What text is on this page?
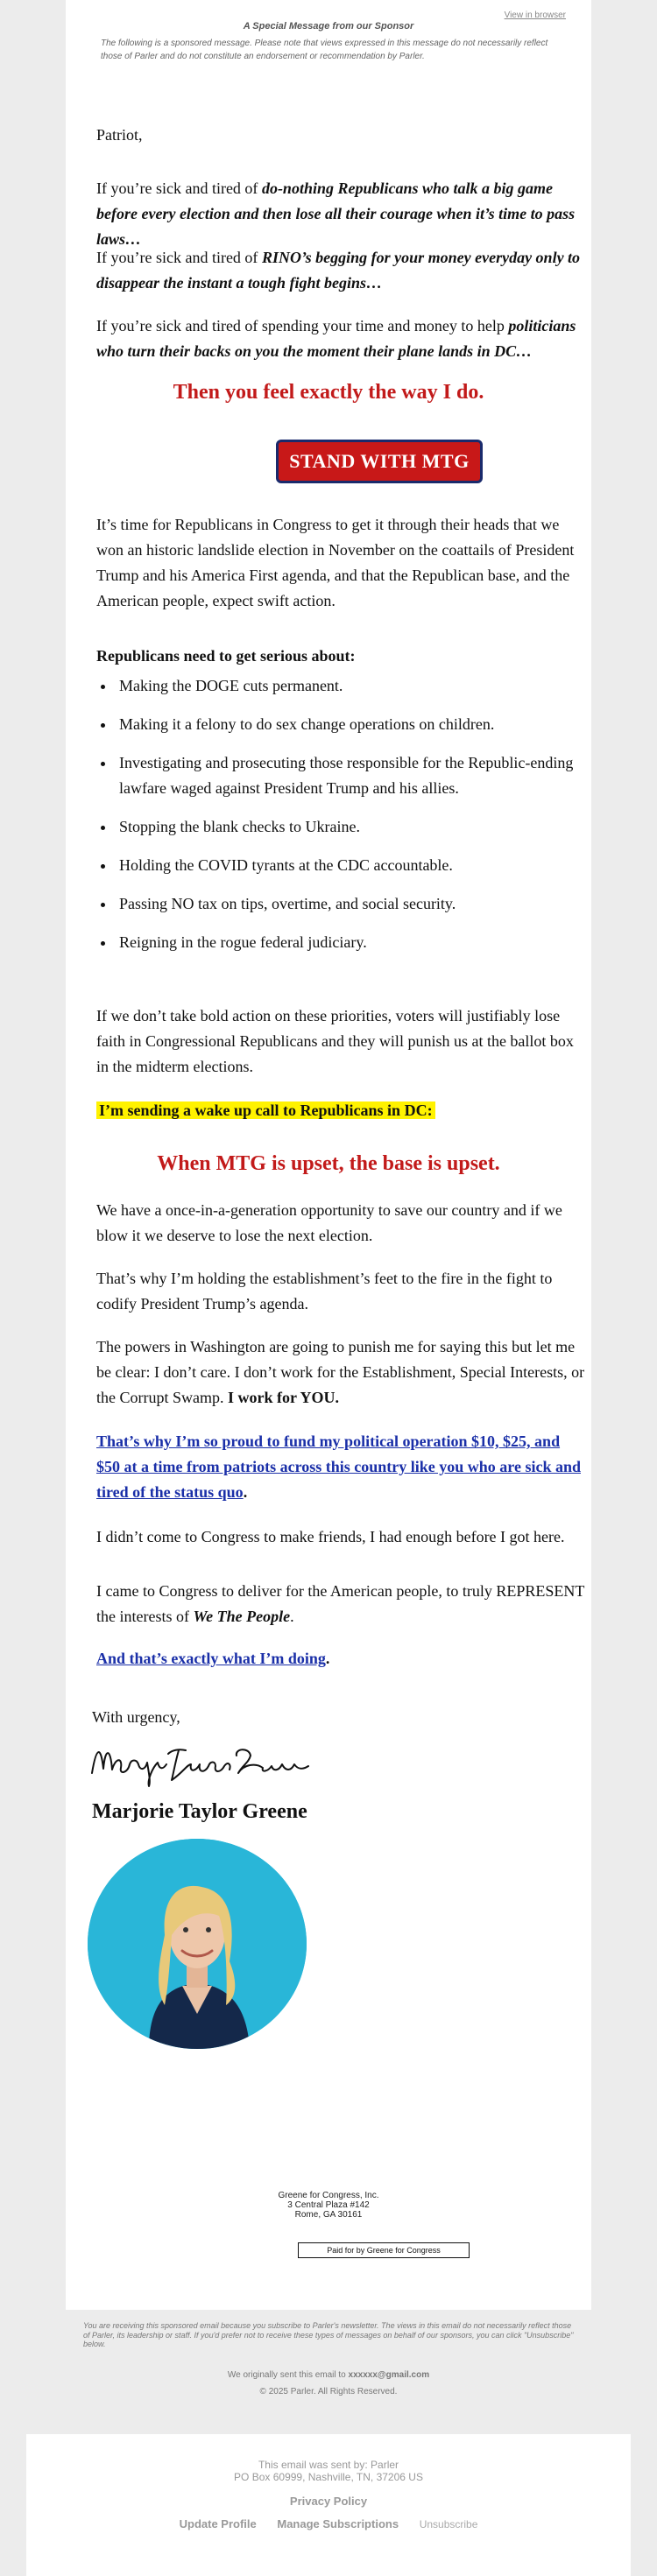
View in browser
A Special Message from our Sponsor
The following is a sponsored message. Please note that views expressed in this message do not necessarily reflect those of Parler and do not constitute an endorsement or recommendation by Parler.

Patriot,

If you’re sick and tired of do-nothing Republicans who talk a big game before every election and then lose all their courage when it’s time to pass laws…

If you’re sick and tired of RINO’s begging for your money everyday only to disappear the instant a tough fight begins…

If you’re sick and tired of spending your time and money to help politicians who turn their backs on you the moment their plane lands in DC…

Then you feel exactly the way I do.
STAND WITH MTG

It’s time for Republicans in Congress to get it through their heads that we won an historic landslide election in November on the coattails of President Trump and his America First agenda, and that the Republican base, and the American people, expect swift action.

Republicans need to get serious about:

• Making the DOGE cuts permanent.
• Making it a felony to do sex change operations on children.
• Investigating and prosecuting those responsible for the Republic-ending lawfare waged against President Trump and his allies.
• Stopping the blank checks to Ukraine.
• Holding the COVID tyrants at the CDC accountable.
• Passing NO tax on tips, overtime, and social security.
• Reigning in the rogue federal judiciary.

If we don’t take bold action on these priorities, voters will justifiably lose faith in Congressional Republicans and they will punish us at the ballot box in the midterm elections.

I’m sending a wake up call to Republicans in DC:

When MTG is upset, the base is upset.

We have a once-in-a-generation opportunity to save our country and if we blow it we deserve to lose the next election.

That’s why I’m holding the establishment’s feet to the fire in the fight to codify President Trump’s agenda.

The powers in Washington are going to punish me for saying this but let me be clear: I don’t care. I don’t work for the Establishment, Special Interests, or the Corrupt Swamp. I work for YOU.

That’s why I’m so proud to fund my political operation $10, $25, and $50 at a time from patriots across this country like you who are sick and tired of the status quo.

I didn’t come to Congress to make friends, I had enough before I got here.

I came to Congress to deliver for the American people, to truly REPRESENT the interests of We The People.

And that’s exactly what I’m doing.

With urgency,

Marjorie Taylor Greene
Greene for Congress, Inc.
3 Central Plaza #142
Rome, GA 30161
Paid for by Greene for Congress
You are receiving this sponsored email because you subscribe to Parler's newsletter. The views in this email do not necessarily reflect those of Parler, its leadership or staff. If you'd prefer not to receive these types of messages on behalf of our sponsors, you can click "Unsubscribe" below.
We originally sent this email to xxxxxx@gmail.com
© 2025 Parler. All Rights Reserved.
This email was sent by: Parler
PO Box 60999, Nashville, TN, 37206 US
Privacy Policy
Update Profile Manage Subscriptions Unsubscribe
